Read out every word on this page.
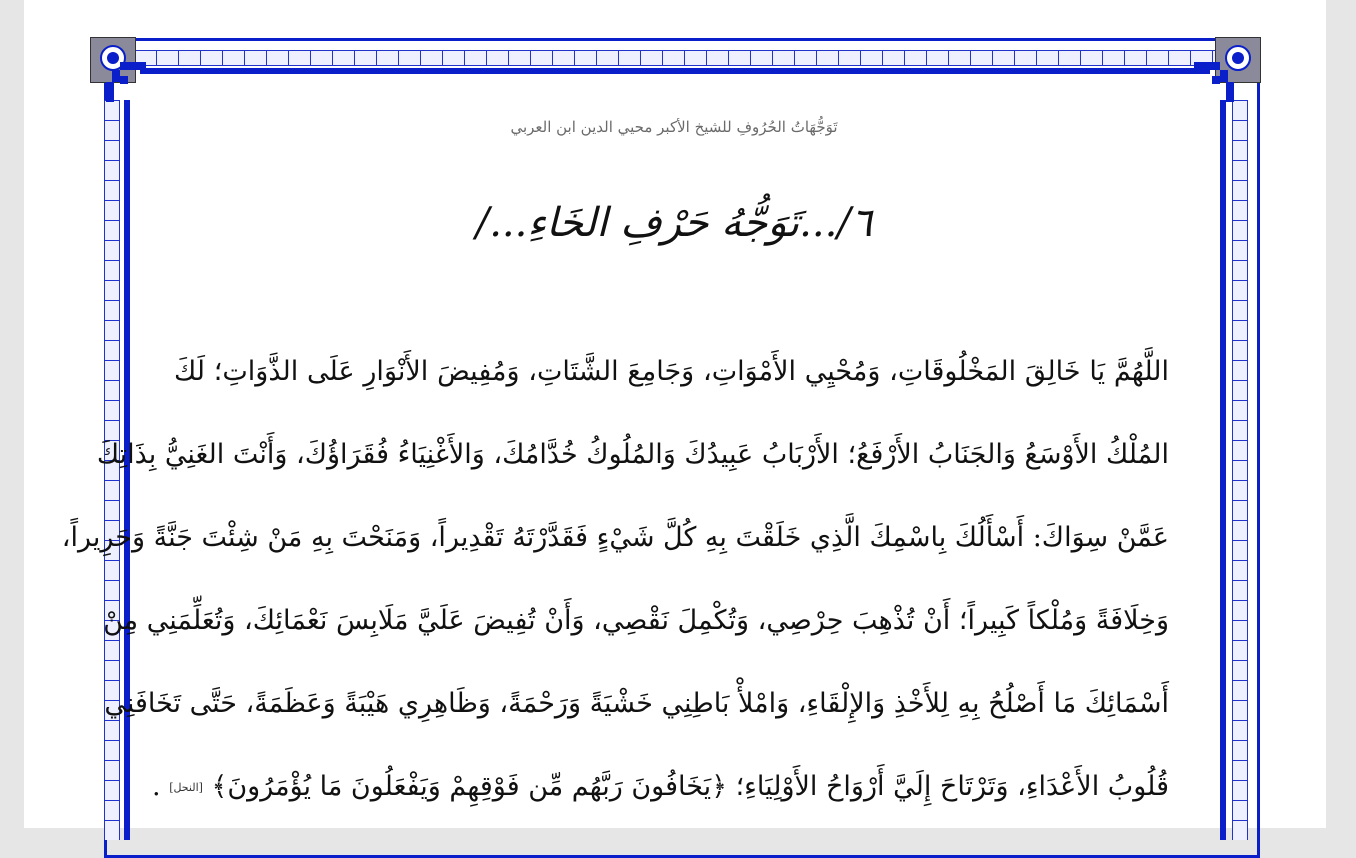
تَوَجُّهَاتُ الحُرُوفِ للشيخ الأكبر محيي الدين ابن العربي
٦/...تَوَجُّهُ حَرْفِ الخَاءِ.../
اللَّهُمَّ يَا خَالِقَ المَخْلُوقَاتِ، وَمُحْيِي الأَمْوَاتِ، وَجَامِعَ الشَّتَاتِ، وَمُفِيضَ الأَنْوَارِ عَلَى الذَّوَاتِ؛ لَكَ
المُلْكُ الأَوْسَعُ وَالجَنَابُ الأَرْفَعُ؛ الأَرْبَابُ عَبِيدُكَ وَالمُلُوكُ خُدَّامُكَ، وَالأَغْنِيَاءُ فُقَرَاؤُكَ، وَأَنْتَ الغَنِيُّ بِذَاتِكَ
عَمَّنْ سِوَاكَ: أَسْأَلُكَ بِاسْمِكَ الَّذِي خَلَقْتَ بِهِ كُلَّ شَيْءٍ فَقَدَّرْتَهُ تَقْدِيراً، وَمَنَحْتَ بِهِ مَنْ شِئْتَ جَنَّةً وَحَرِيراً،
وَخِلَافَةً وَمُلْكاً كَبِيراً؛ أَنْ تُذْهِبَ حِرْصِي، وَتُكْمِلَ نَقْصِي، وَأَنْ تُفِيضَ عَلَيَّ مَلَابِسَ نَعْمَائِكَ، وَتُعَلِّمَنِي مِنْ
أَسْمَائِكَ مَا أَصْلُحُ بِهِ لِلأَخْذِ وَالإِلْقَاءِ، وَامْلأْ بَاطِنِي خَشْيَةً وَرَحْمَةً، وَظَاهِرِي هَيْبَةً وَعَظَمَةً، حَتَّى تَخَافَنِي
قُلُوبُ الأَعْدَاءِ، وَتَرْتَاحَ إِلَيَّ أَرْوَاحُ الأَوْلِيَاءِ؛ ﴿يَخَافُونَ رَبَّهُم مِّن فَوْقِهِمْ وَيَفْعَلُونَ مَا يُؤْمَرُونَ﴾ [النحل] .
